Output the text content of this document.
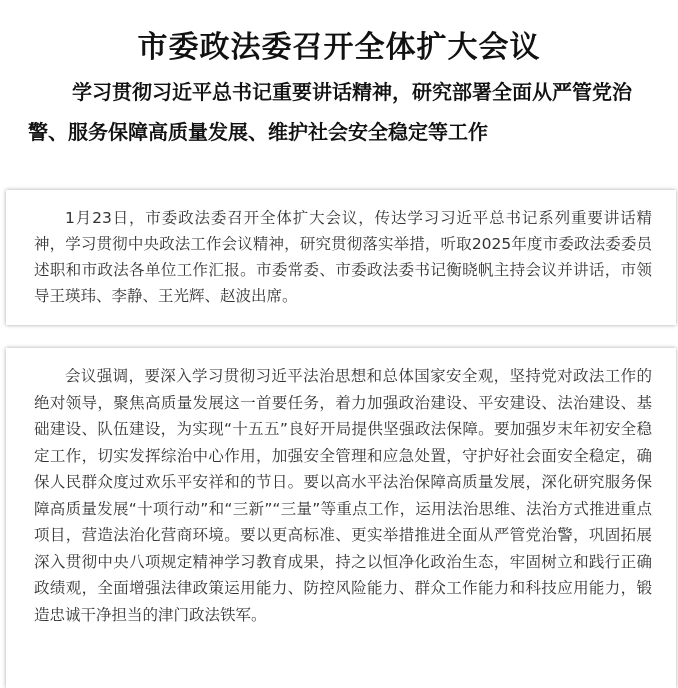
市委政法委召开全体扩大会议

学习贯彻习近平总书记重要讲话精神，研究部署全面从严管党治警、服务保障高质量发展、维护社会安全稳定等工作

1月23日，市委政法委召开全体扩大会议，传达学习习近平总书记系列重要讲话精神，学习贯彻中央政法工作会议精神，研究贯彻落实举措，听取2025年度市委政法委委员述职和市政法各单位工作汇报。市委常委、市委政法委书记衡晓帆主持会议并讲话，市领导王瑛玮、李静、王光辉、赵波出席。

会议强调，要深入学习贯彻习近平法治思想和总体国家安全观，坚持党对政法工作的绝对领导，聚焦高质量发展这一首要任务，着力加强政治建设、平安建设、法治建设、基础建设、队伍建设，为实现“十五五”良好开局提供坚强政法保障。要加强岁末年初安全稳定工作，切实发挥综治中心作用，加强安全管理和应急处置，守护好社会面安全稳定，确保人民群众度过欢乐平安祥和的节日。要以高水平法治保障高质量发展，深化研究服务保障高质量发展“十项行动”和“三新”“三量”等重点工作，运用法治思维、法治方式推进重点项目，营造法治化营商环境。要以更高标准、更实举措推进全面从严管党治警，巩固拓展深入贯彻中央八项规定精神学习教育成果，持之以恒净化政治生态，牢固树立和践行正确政绩观，全面增强法律政策运用能力、防控风险能力、群众工作能力和科技应用能力，锻造忠诚干净担当的津门政法铁军。
